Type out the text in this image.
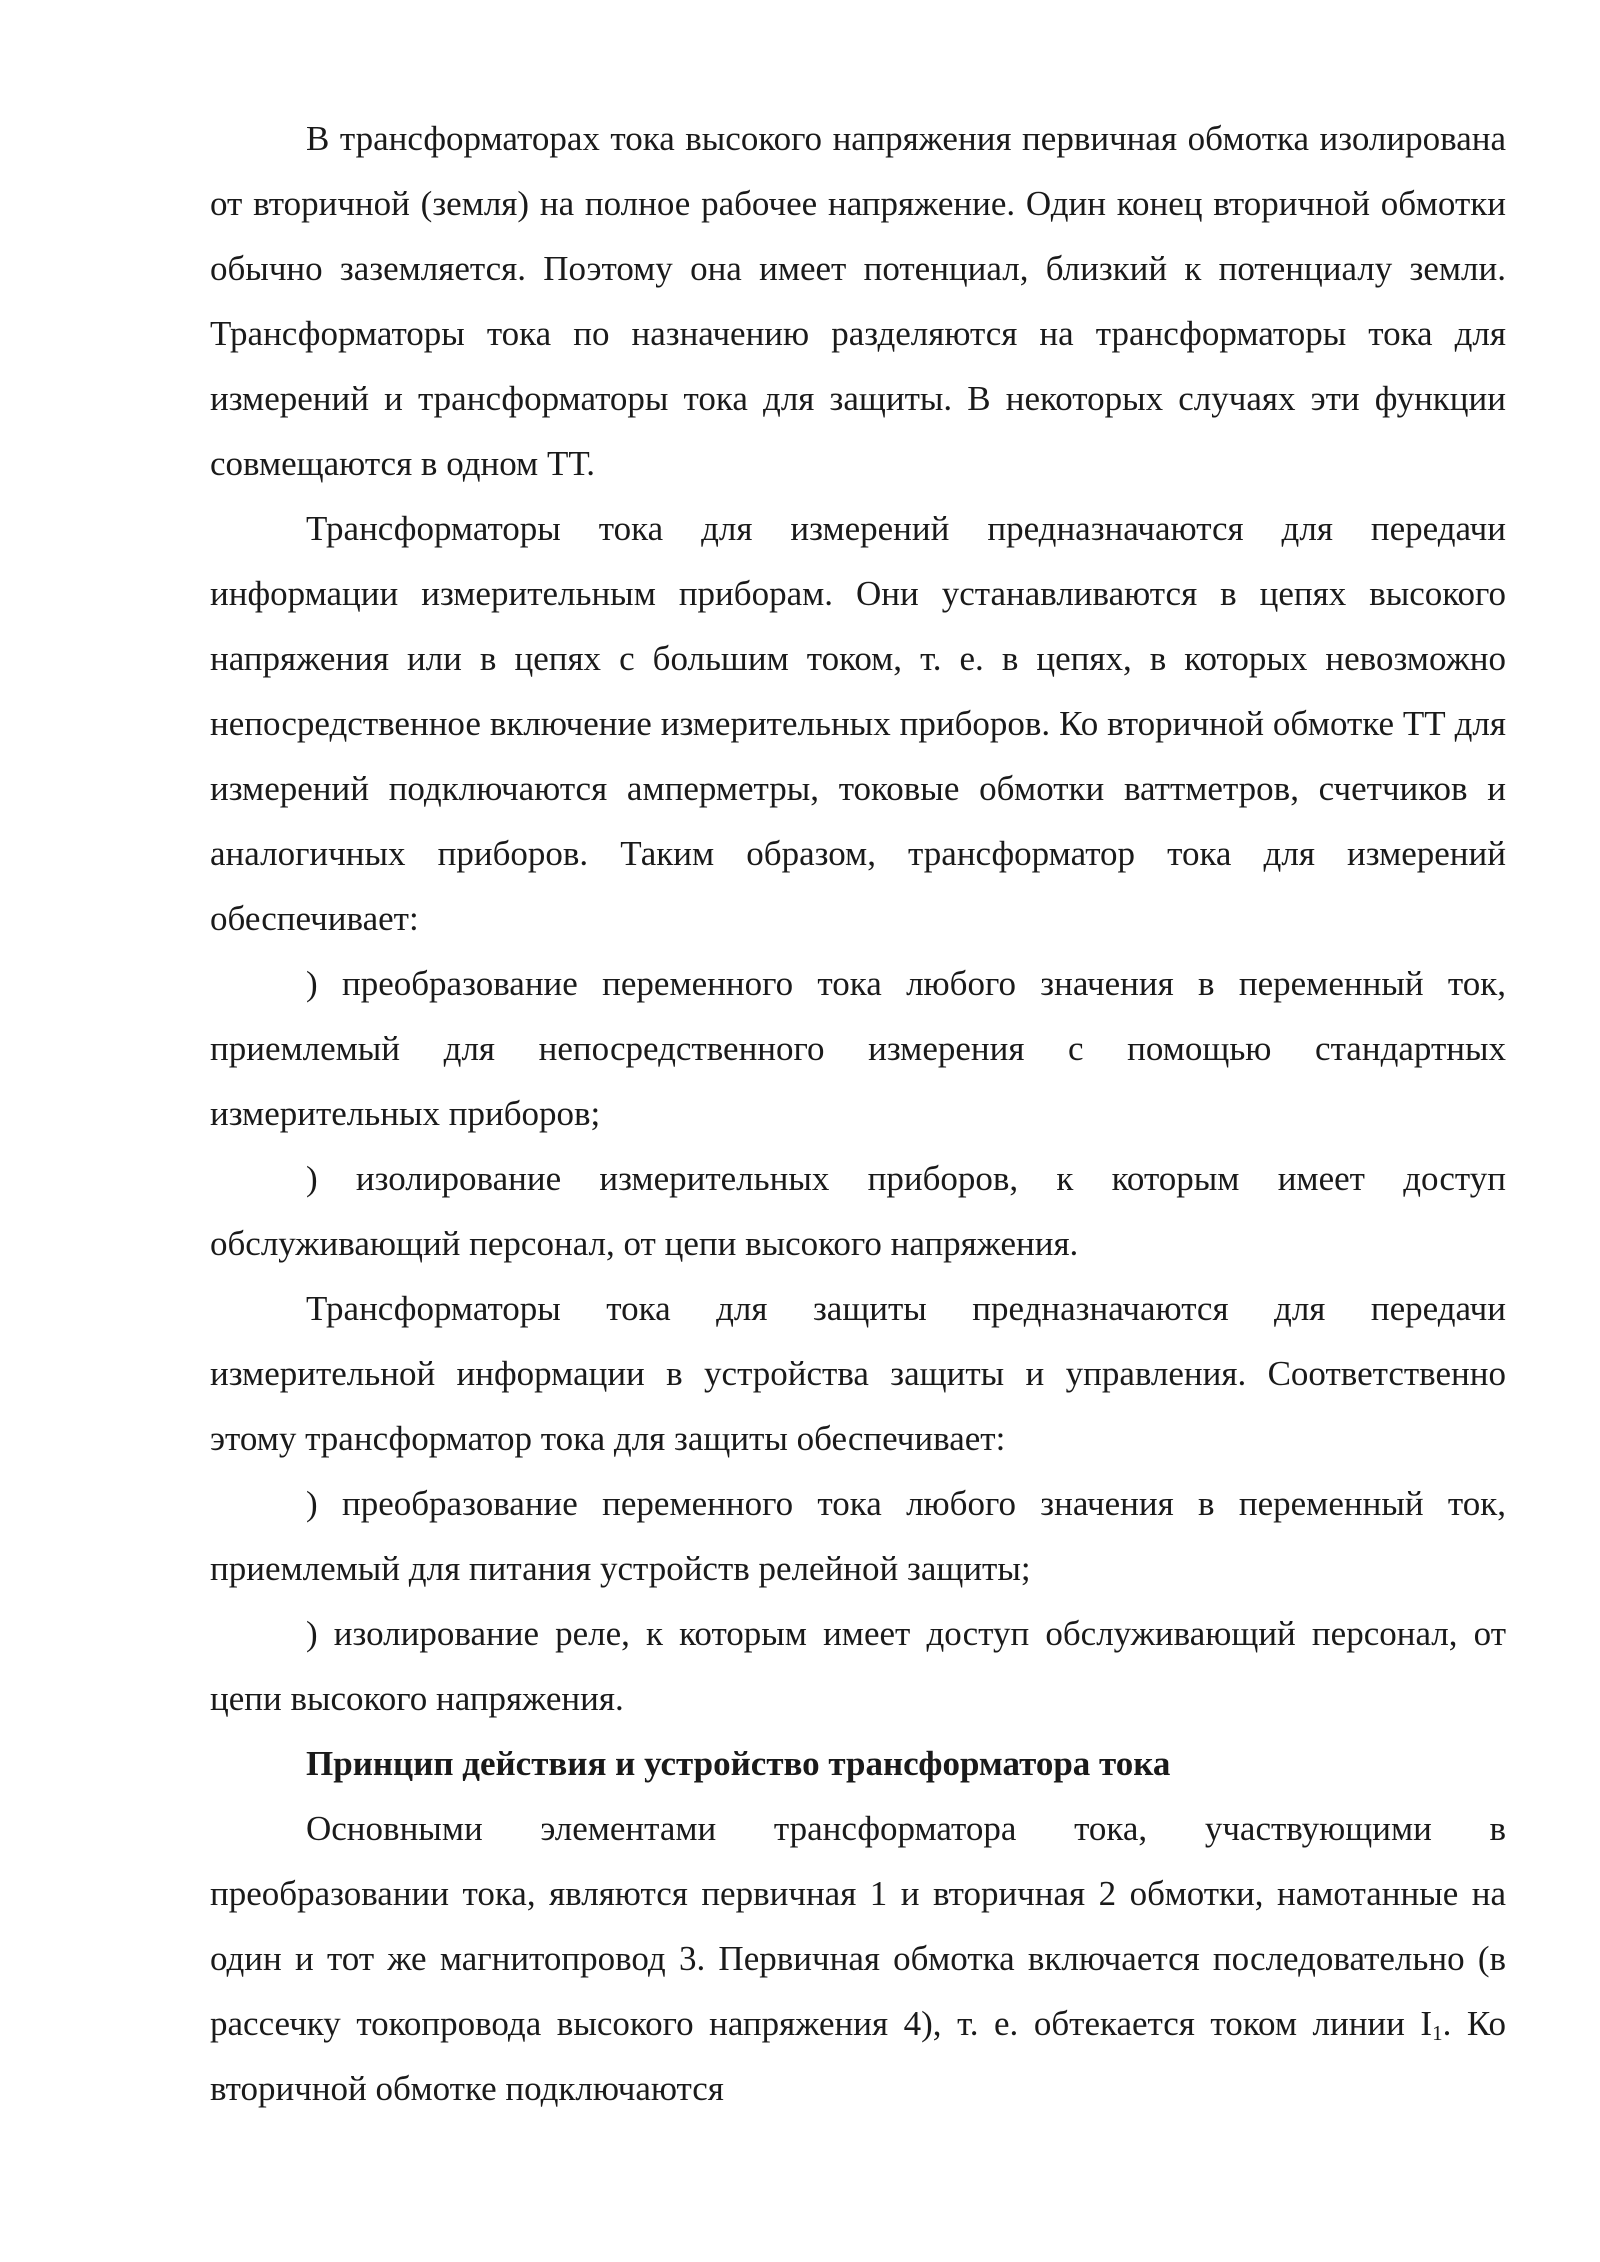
В трансформаторах тока высокого напряжения первичная обмотка изолирована от вторичной (земля) на полное рабочее напряжение. Один конец вторичной обмотки обычно заземляется. Поэтому она имеет потенциал, близкий к потенциалу земли. Трансформаторы тока по назначению разделяются на трансформаторы тока для измерений и трансформаторы тока для защиты. В некоторых случаях эти функции совмещаются в одном ТТ.

Трансформаторы тока для измерений предназначаются для передачи информации измерительным приборам. Они устанавливаются в цепях высокого напряжения или в цепях с большим током, т. е. в цепях, в которых невозможно непосредственное включение измерительных приборов. Ко вторичной обмотке ТТ для измерений подключаются амперметры, токовые обмотки ваттметров, счетчиков и аналогичных приборов. Таким образом, трансформатор тока для измерений обеспечивает:

) преобразование переменного тока любого значения в переменный ток, приемлемый для непосредственного измерения с помощью стандартных измерительных приборов;

) изолирование измерительных приборов, к которым имеет доступ обслуживающий персонал, от цепи высокого напряжения.

Трансформаторы тока для защиты предназначаются для передачи измерительной информации в устройства защиты и управления. Соответственно этому трансформатор тока для защиты обеспечивает:

) преобразование переменного тока любого значения в переменный ток, приемлемый для питания устройств релейной защиты;

) изолирование реле, к которым имеет доступ обслуживающий персонал, от цепи высокого напряжения.

Принцип действия и устройство трансформатора тока

Основными элементами трансформатора тока, участвующими в преобразовании тока, являются первичная 1 и вторичная 2 обмотки, намотанные на один и тот же магнитопровод 3. Первичная обмотка включается последовательно (в рассечку токопровода высокого напряжения 4), т. е. обтекается током линии $I_1$. Ко вторичной обмотке подключаются
